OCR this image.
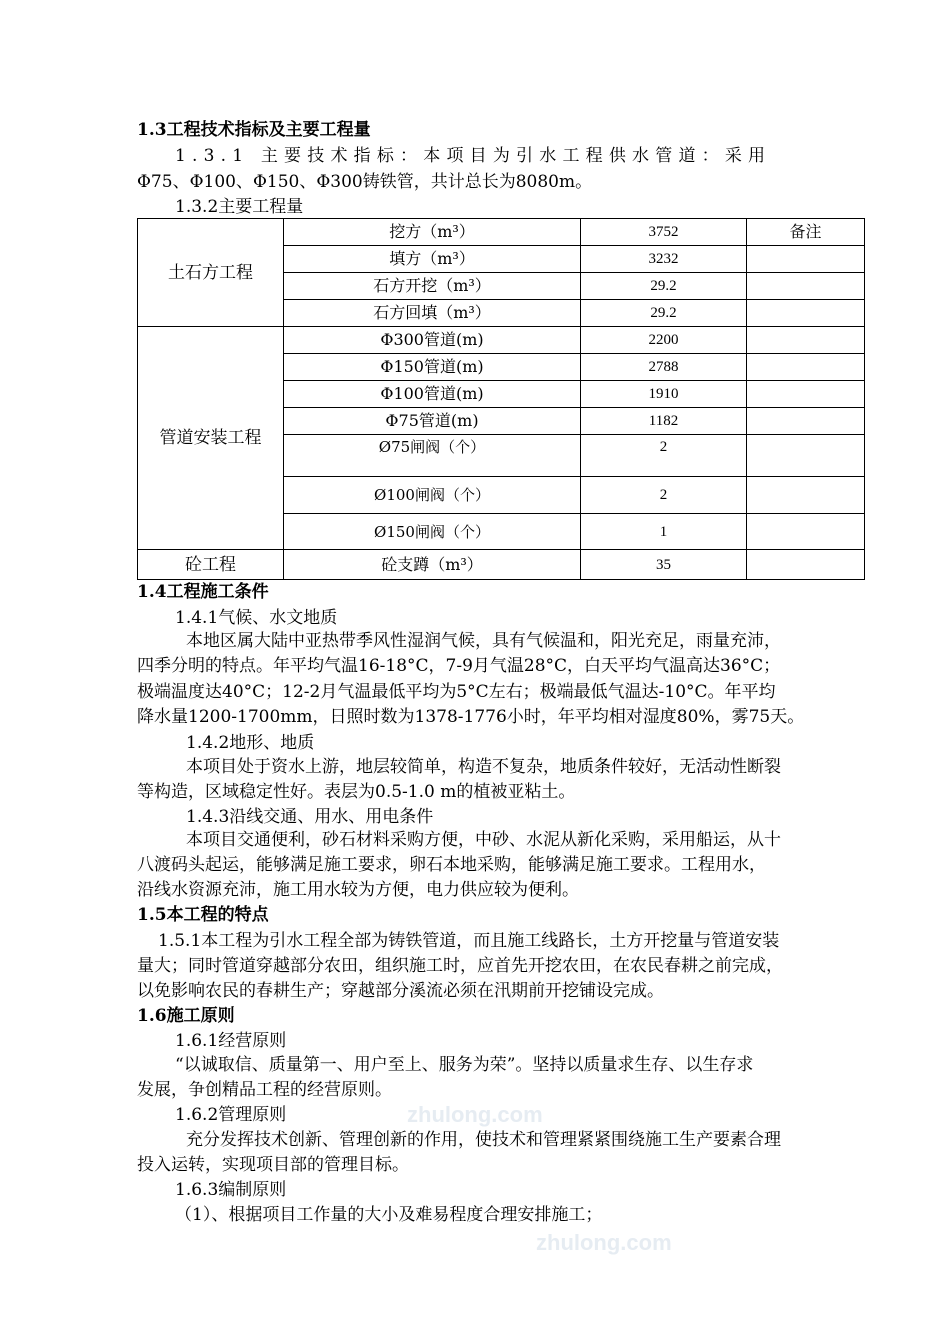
1.3工程技术指标及主要工程量
1.3.1 主要技术指标：本项目为引水工程供水管道：采用
Φ75、Φ100、Φ150、Φ300铸铁管，共计总长为8080m。
1.3.2主要工程量
土石方工程	挖方（m³）	3752	备注
	填方（m³）	3232	
	石方开挖（m³）	29.2	
	石方回填（m³）	29.2	
管道安装工程	Φ300管道(m)	2200	
	Φ150管道(m)	2788	
	Φ100管道(m)	1910	
	Φ75管道(m)	1182	
	Ø75闸阀（个）	2	
	Ø100闸阀（个）	2	
	Ø150闸阀（个）	1	
砼工程	砼支蹲（m³）	35	
1.4工程施工条件
1.4.1气候、水文地质
本地区属大陆中亚热带季风性湿润气候，具有气候温和，阳光充足，雨量充沛，
四季分明的特点。年平均气温16-18°C，7-9月气温28°C，白天平均气温高达36°C；
极端温度达40°C；12-2月气温最低平均为5°C左右；极端最低气温达-10°C。年平均
降水量1200-1700mm，日照时数为1378-1776小时，年平均相对湿度80%，雾75天。
1.4.2地形、地质
本项目处于资水上游，地层较简单，构造不复杂，地质条件较好，无活动性断裂
等构造，区域稳定性好。表层为0.5-1.0 m的植被亚粘土。
1.4.3沿线交通、用水、用电条件
本项目交通便利，砂石材料采购方便，中砂、水泥从新化采购，采用船运，从十
八渡码头起运，能够满足施工要求，卵石本地采购，能够满足施工要求。工程用水，
沿线水资源充沛，施工用水较为方便，电力供应较为便利。
1.5本工程的特点
1.5.1本工程为引水工程全部为铸铁管道，而且施工线路长，土方开挖量与管道安装
量大；同时管道穿越部分农田，组织施工时，应首先开挖农田，在农民春耕之前完成，
以免影响农民的春耕生产；穿越部分溪流必须在汛期前开挖铺设完成。
1.6施工原则
1.6.1经营原则
“以诚取信、质量第一、用户至上、服务为荣”。坚持以质量求生存、以生存求
发展，争创精品工程的经营原则。
1.6.2管理原则
充分发挥技术创新、管理创新的作用，使技术和管理紧紧围绕施工生产要素合理
投入运转，实现项目部的管理目标。
1.6.3编制原则
（1）、根据项目工作量的大小及难易程度合理安排施工；
zhulong.com
zhulong.com
